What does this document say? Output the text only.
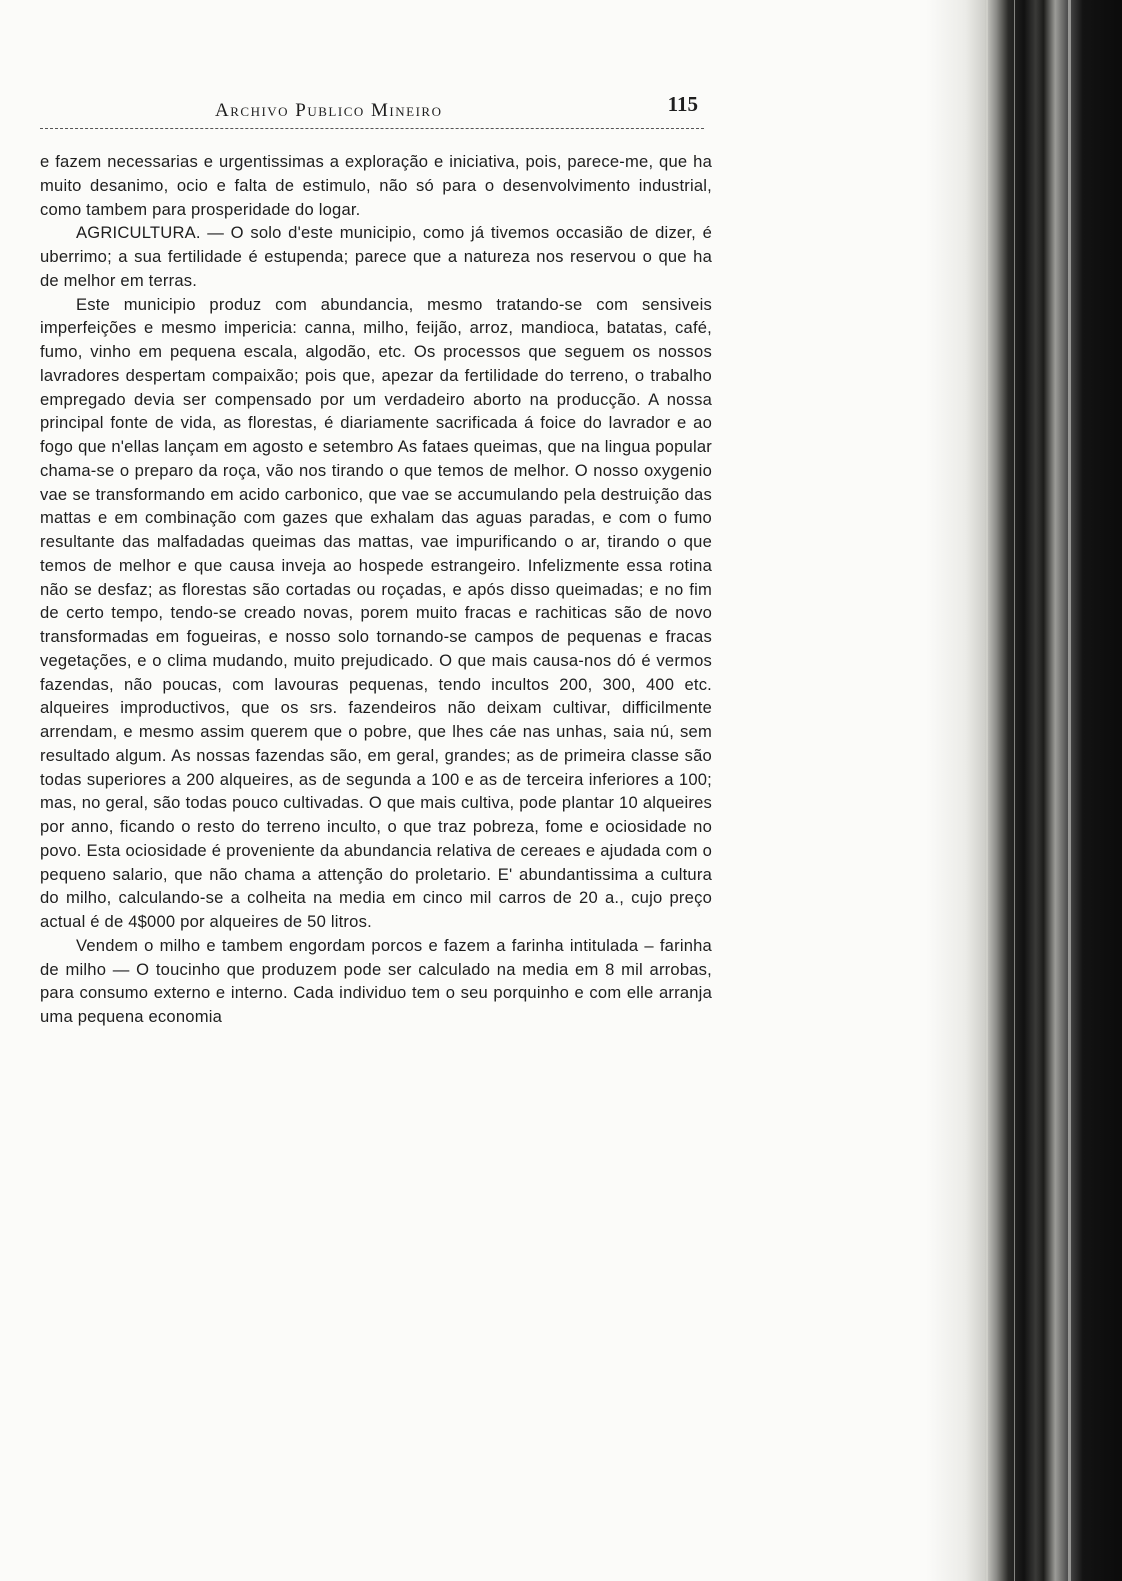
Archivo Publico Mineiro	115

e fazem necessarias e urgentissimas a exploração e iniciativa, pois, parece-me, que ha muito desanimo, ocio e falta de estimulo, não só para o desenvolvimento industrial, como tambem para prosperidade do logar.

AGRICULTURA. — O solo d'este municipio, como já tivemos occasião de dizer, é uberrimo; a sua fertilidade é estupenda; parece que a natureza nos reservou o que ha de melhor em terras.

Este municipio produz com abundancia, mesmo tratando-se com sensiveis imperfeições e mesmo impericia: canna, milho, feijão, arroz, mandioca, batatas, café, fumo, vinho em pequena escala, algodão, etc. Os processos que seguem os nossos lavradores despertam compaixão; pois que, apezar da fertilidade do terreno, o trabalho empregado devia ser compensado por um verdadeiro aborto na producção. A nossa principal fonte de vida, as florestas, é diariamente sacrificada á foice do lavrador e ao fogo que n'ellas lançam em agosto e setembro As fataes queimas, que na lingua popular chama-se o preparo da roça, vão nos tirando o que temos de melhor. O nosso oxygenio vae se transformando em acido carbonico, que vae se accumulando pela destruição das mattas e em combinação com gazes que exhalam das aguas paradas, e com o fumo resultante das malfadadas queimas das mattas, vae impurificando o ar, tirando o que temos de melhor e que causa inveja ao hospede estrangeiro. Infelizmente essa rotina não se desfaz; as florestas são cortadas ou roçadas, e após disso queimadas; e no fim de certo tempo, tendo-se creado novas, porem muito fracas e rachiticas são de novo transformadas em fogueiras, e nosso solo tornando-se campos de pequenas e fracas vegetações, e o clima mudando, muito prejudicado. O que mais causa-nos dó é vermos fazendas, não poucas, com lavouras pequenas, tendo incultos 200, 300, 400 etc. alqueires improductivos, que os srs. fazendeiros não deixam cultivar, difficilmente arrendam, e mesmo assim querem que o pobre, que lhes cáe nas unhas, saia nú, sem resultado algum. As nossas fazendas são, em geral, grandes; as de primeira classe são todas superiores a 200 alqueires, as de segunda a 100 e as de terceira inferiores a 100; mas, no geral, são todas pouco cultivadas. O que mais cultiva, pode plantar 10 alqueires por anno, ficando o resto do terreno inculto, o que traz pobreza, fome e ociosidade no povo. Esta ociosidade é proveniente da abundancia relativa de cereaes e ajudada com o pequeno salario, que não chama a attenção do proletario. E' abundantissima a cultura do milho, calculando-se a colheita na media em cinco mil carros de 20 a., cujo preço actual é de 4$000 por alqueires de 50 litros.

Vendem o milho e tambem engordam porcos e fazem a farinha intitulada – farinha de milho — O toucinho que produzem pode ser calculado na media em 8 mil arrobas, para consumo externo e interno. Cada individuo tem o seu porquinho e com elle arranja uma pequena economia
